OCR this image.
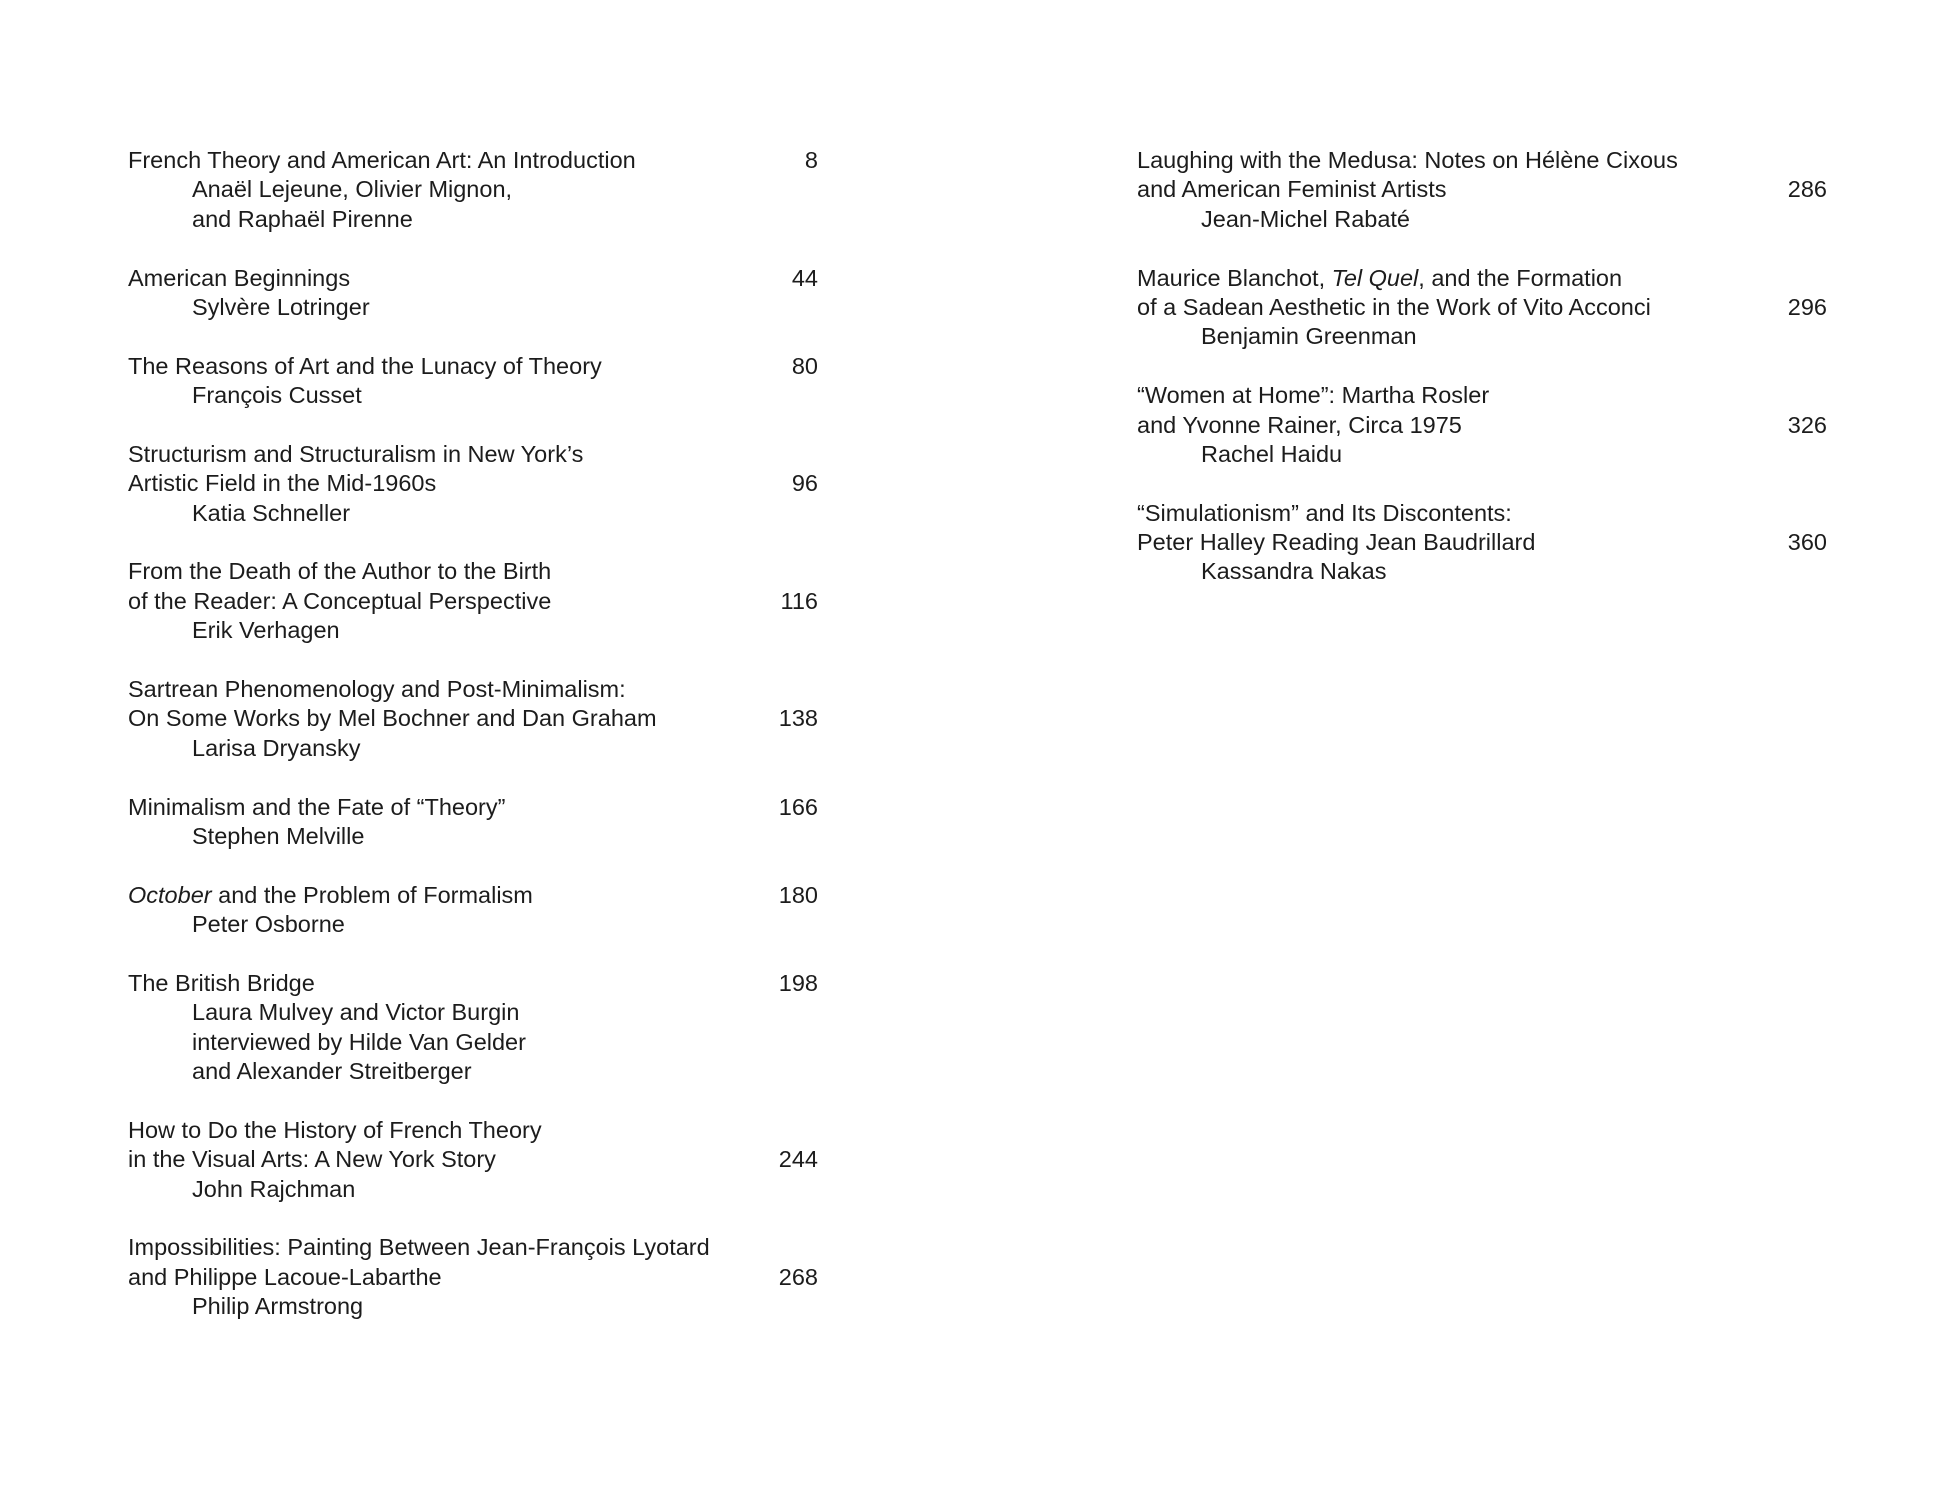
French Theory and American Art: An Introduction
Anaël Lejeune, Olivier Mignon,
and Raphaël Pirenne
8
American Beginnings
Sylvère Lotringer
44
The Reasons of Art and the Lunacy of Theory
François Cusset
80
Structurism and Structuralism in New York’s
Artistic Field in the Mid-1960s
Katia Schneller
96
From the Death of the Author to the Birth
of the Reader: A Conceptual Perspective
Erik Verhagen
116
Sartrean Phenomenology and Post-Minimalism:
On Some Works by Mel Bochner and Dan Graham
Larisa Dryansky
138
Minimalism and the Fate of “Theory”
Stephen Melville
166
October and the Problem of Formalism
Peter Osborne
180
The British Bridge
Laura Mulvey and Victor Burgin
interviewed by Hilde Van Gelder
and Alexander Streitberger
198
How to Do the History of French Theory
in the Visual Arts: A New York Story
John Rajchman
244
Impossibilities: Painting Between Jean-François Lyotard
and Philippe Lacoue-Labarthe
Philip Armstrong
268
Laughing with the Medusa: Notes on Hélène Cixous
and American Feminist Artists
Jean-Michel Rabaté
286
Maurice Blanchot, Tel Quel, and the Formation
of a Sadean Aesthetic in the Work of Vito Acconci
Benjamin Greenman
296
“Women at Home”: Martha Rosler
and Yvonne Rainer, Circa 1975
Rachel Haidu
326
“Simulationism” and Its Discontents:
Peter Halley Reading Jean Baudrillard
Kassandra Nakas
360
